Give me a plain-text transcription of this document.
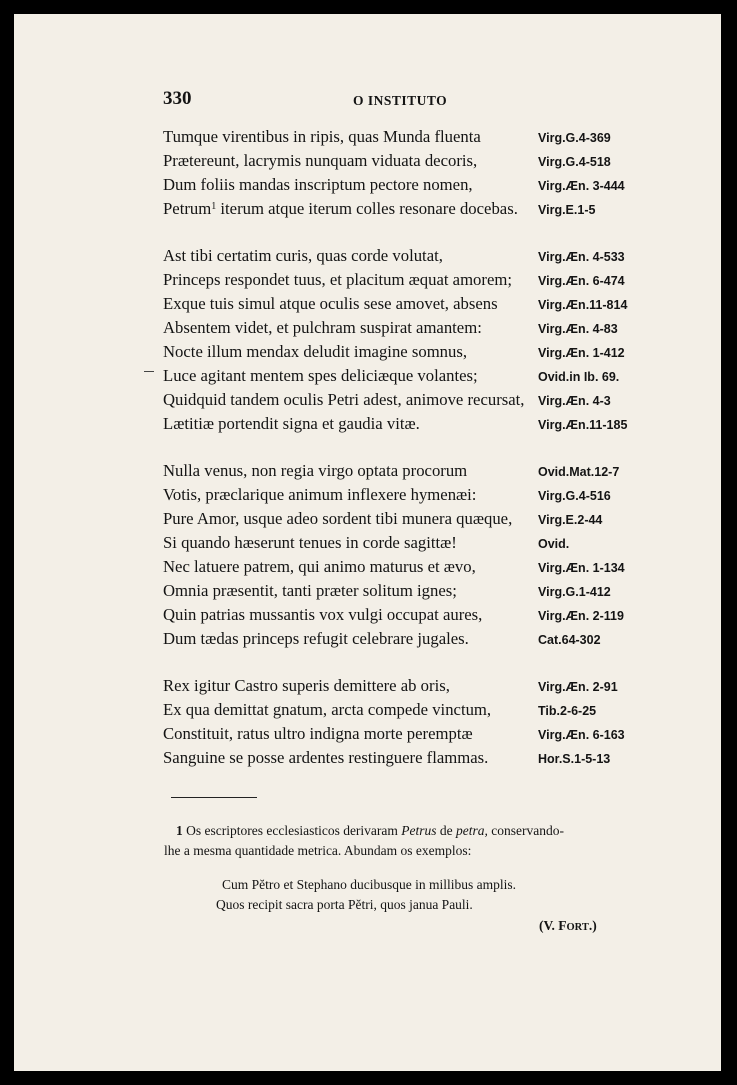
330	O INSTITUTO
Tumque virentibus in ripis, quas Munda fluenta	Virg.G.4-369
Prætereunt, lacrymis nunquam viduata decoris,	Virg.G.4-518
Dum foliis mandas inscriptum pectore nomen,	Virg.Æn. 3-444
Petrum$^1$ iterum atque iterum colles resonare docebas. Virg.E.1-5
Ast tibi certatim curis, quas corde volutat,	Virg.Æn. 4-533
Princeps respondet tuus, et placitum æquat amorem; Virg.Æn. 6-474
Exque tuis simul atque oculis sese amovet, absens	Virg.Æn.11-814
Absentem videt, et pulchram suspirat amantem:	Virg.Æn. 4-83
Nocte illum mendax deludit imagine somnus,	Virg.Æn. 1-412
Luce agitant mentem spes deliciæque volantes;	Ovid.in Ib. 69.
Quidquid tandem oculis Petri adest, animove recursat, Virg.Æn. 4-3
Lætitiæ portendit signa et gaudia vitæ.	Virg.Æn.11-185
Nulla venus, non regia virgo optata procorum	Ovid.Mat.12-7
Votis, præclarique animum inflexere hymenæi:	Virg.G.4-516
Pure Amor, usque adeo sordent tibi munera quæque, Virg.E.2-44
Si quando hæserunt tenues in corde sagittæ!	Ovid.
Nec latuere patrem, qui animo maturus et ævo,	Virg.Æn. 1-134
Omnia præsentit, tanti præter solitum ignes;	Virg.G.1-412
Quin patrias mussantis vox vulgi occupat aures,	Virg.Æn. 2-119
Dum tædas princeps refugit celebrare jugales.	Cat.64-302
Rex igitur Castro superis demittere ab oris,	Virg.Æn. 2-91
Ex qua demittat gnatum, arcta compede vinctum,	Tib.2-6-25
Constituit, ratus ultro indigna morte peremptæ	Virg.Æn. 6-163
Sanguine se posse ardentes restinguere flammas.	Hor.S.1-5-13
1 Os escriptores ecclesiasticos derivaram Petrus de petra, conservando-
lhe a mesma quantidade metrica. Abundam os exemplos:
Cum Pĕtro et Stephano ducibusque in millibus amplis.
Quos recipit sacra porta Pĕtri, quos janua Pauli.
(V. FORT.)
